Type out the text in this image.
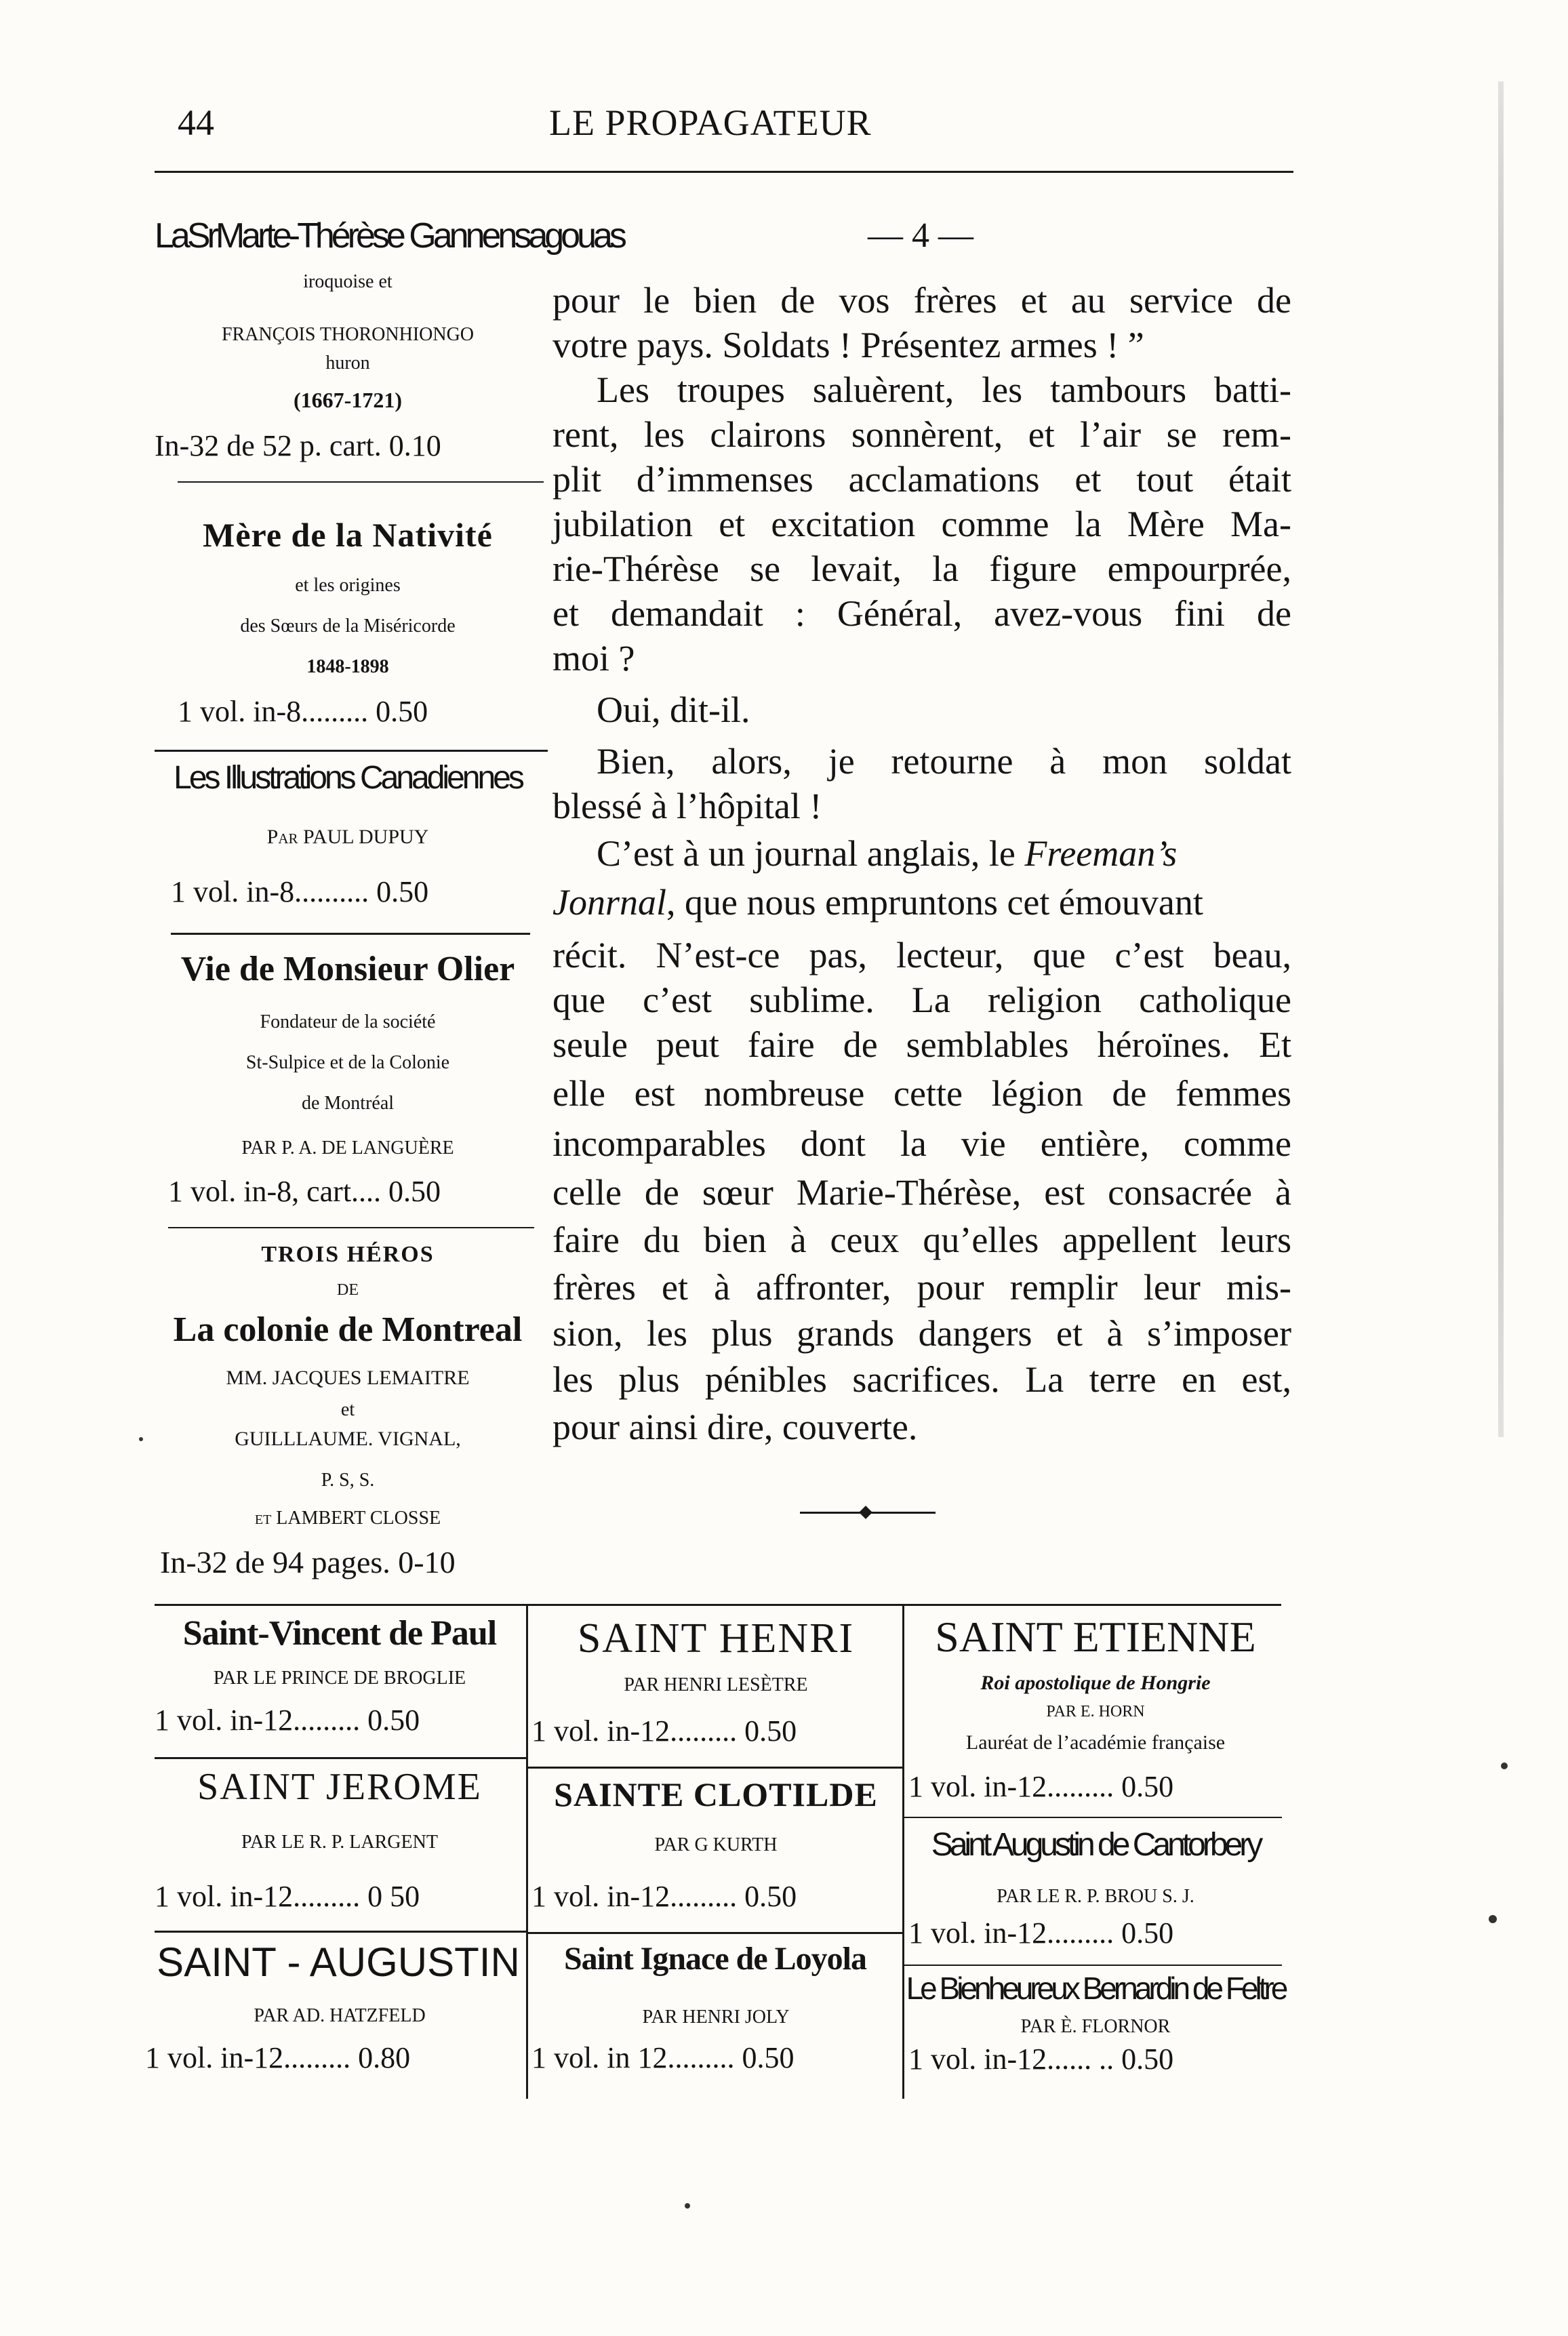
44	LE PROPAGATEUR
LaSrMarte-Thérèse Gannensagouas
iroquoise et
FRANÇOIS THORONHIONGO
huron
(1667-1721)
In-32 de 52 p. cart. 0.10
Mère de la Nativité
et les origines
des Sœurs de la Miséricorde
1848-1898
1 vol. in-8......... 0.50
Les Illustrations Canadiennes
Par PAUL DUPUY
1 vol. in-8.......... 0.50
Vie de Monsieur Olier
Fondateur de la société
St-Sulpice et de la Colonie
de Montréal
PAR P. A. DE LANGUÈRE
1 vol. in-8, cart.... 0.50
TROIS HÉROS
DE
La colonie de Montreal
MM. JACQUES LEMAITRE
et
GUILLLAUME. VIGNAL,
P. S, S.
et LAMBERT CLOSSE
In-32 de 94 pages. 0-10
— 4 —
pour le bien de vos frères et au service de
votre pays. Soldats ! Présentez armes ! ”
Les troupes saluèrent, les tambours batti-
rent, les clairons sonnèrent, et l’air se rem-
plit d’immenses acclamations et tout était
jubilation et excitation comme la Mère Ma-
rie-Thérèse se levait, la figure empourprée,
et demandait : Général, avez-vous fini de
moi ?
Oui, dit-il.
Bien, alors, je retourne à mon soldat
blessé à l’hôpital !
C’est à un journal anglais, le Freeman’s
Jonrnal, que nous empruntons cet émouvant
récit. N’est-ce pas, lecteur, que c’est beau,
que c’est sublime. La religion catholique
seule peut faire de semblables héroïnes. Et
elle est nombreuse cette légion de femmes
incomparables dont la vie entière, comme
celle de sœur Marie-Thérèse, est consacrée à
faire du bien à ceux qu’elles appellent leurs
frères et à affronter, pour remplir leur mis-
sion, les plus grands dangers et à s’imposer
les plus pénibles sacrifices. La terre en est,
pour ainsi dire, couverte.
Saint-Vincent de Paul
PAR LE PRINCE DE BROGLIE
1 vol. in-12......... 0.50
SAINT JEROME
PAR LE R. P. LARGENT
1 vol. in-12......... 0 50
SAINT - AUGUSTIN
PAR AD. HATZFELD
1 vol. in-12......... 0.80
SAINT HENRI
PAR HENRI LESÈTRE
1 vol. in-12......... 0.50
SAINTE CLOTILDE
PAR G KURTH
1 vol. in-12......... 0.50
Saint Ignace de Loyola
PAR HENRI JOLY
1 vol. in 12......... 0.50
SAINT ETIENNE
Roi apostolique de Hongrie
PAR E. HORN
Lauréat de l’académie française
1 vol. in-12......... 0.50
Saint Augustin de Cantorbery
PAR LE R. P. BROU S. J.
1 vol. in-12......... 0.50
Le Bienheureux Bernardin de Feltre
PAR È. FLORNOR
1 vol. in-12...... .. 0.50
